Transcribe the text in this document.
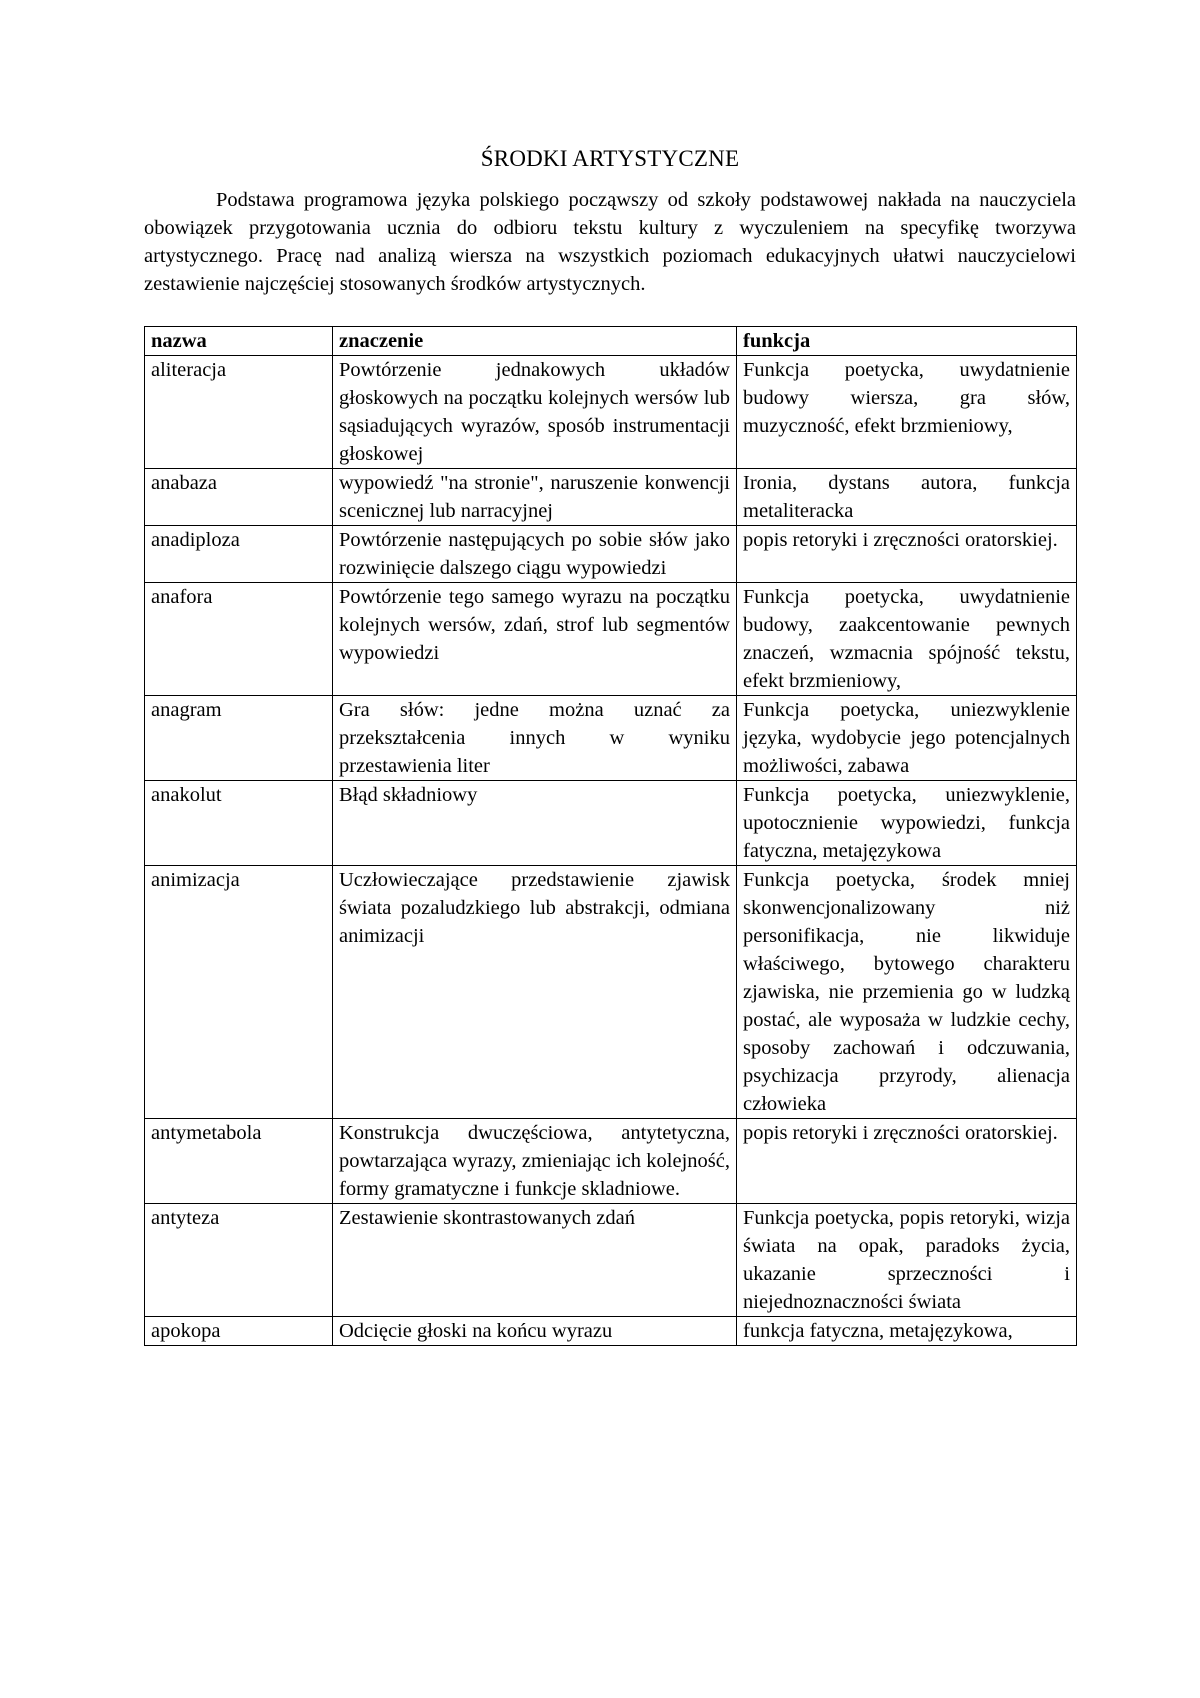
ŚRODKI ARTYSTYCZNE

Podstawa programowa języka polskiego począwszy od szkoły podstawowej nakłada na nauczyciela obowiązek przygotowania ucznia do odbioru tekstu kultury z wyczuleniem na specyfikę tworzywa artystycznego. Pracę nad analizą wiersza na wszystkich poziomach edukacyjnych ułatwi nauczycielowi zestawienie najczęściej stosowanych środków artystycznych.

nazwa	znaczenie	funkcja
aliteracja	Powtórzenie jednakowych układów głoskowych na początku kolejnych wersów lub sąsiadujących wyrazów, sposób instrumentacji głoskowej	Funkcja poetycka, uwydatnienie budowy wiersza, gra słów, muzyczność, efekt brzmieniowy,
anabaza	wypowiedź "na stronie", naruszenie konwencji scenicznej lub narracyjnej	Ironia, dystans autora, funkcja metaliteracka
anadiploza	Powtórzenie następujących po sobie słów jako rozwinięcie dalszego ciągu wypowiedzi	popis retoryki i zręczności oratorskiej.
anafora	Powtórzenie tego samego wyrazu na początku kolejnych wersów, zdań, strof lub segmentów wypowiedzi	Funkcja poetycka, uwydatnienie budowy, zaakcentowanie pewnych znaczeń, wzmacnia spójność tekstu, efekt brzmieniowy,
anagram	Gra słów: jedne można uznać za przekształcenia innych w wyniku przestawienia liter	Funkcja poetycka, uniezwyklenie języka, wydobycie jego potencjalnych możliwości, zabawa
anakolut	Błąd składniowy	Funkcja poetycka, uniezwyklenie, upotocznienie wypowiedzi, funkcja fatyczna, metajęzykowa
animizacja	Uczłowieczające przedstawienie zjawisk świata pozaludzkiego lub abstrakcji, odmiana animizacji	Funkcja poetycka, środek mniej skonwencjonalizowany niż personifikacja, nie likwiduje właściwego, bytowego charakteru zjawiska, nie przemienia go w ludzką postać, ale wyposaża w ludzkie cechy, sposoby zachowań i odczuwania, psychizacja przyrody, alienacja człowieka
antymetabola	Konstrukcja dwuczęściowa, antytetyczna, powtarzająca wyrazy, zmieniając ich kolejność, formy gramatyczne i funkcje skladniowe.	popis retoryki i zręczności oratorskiej.
antyteza	Zestawienie skontrastowanych zdań	Funkcja poetycka, popis retoryki, wizja świata na opak, paradoks życia, ukazanie sprzeczności i niejednoznaczności świata
apokopa	Odcięcie głoski na końcu wyrazu	funkcja fatyczna, metajęzykowa,
